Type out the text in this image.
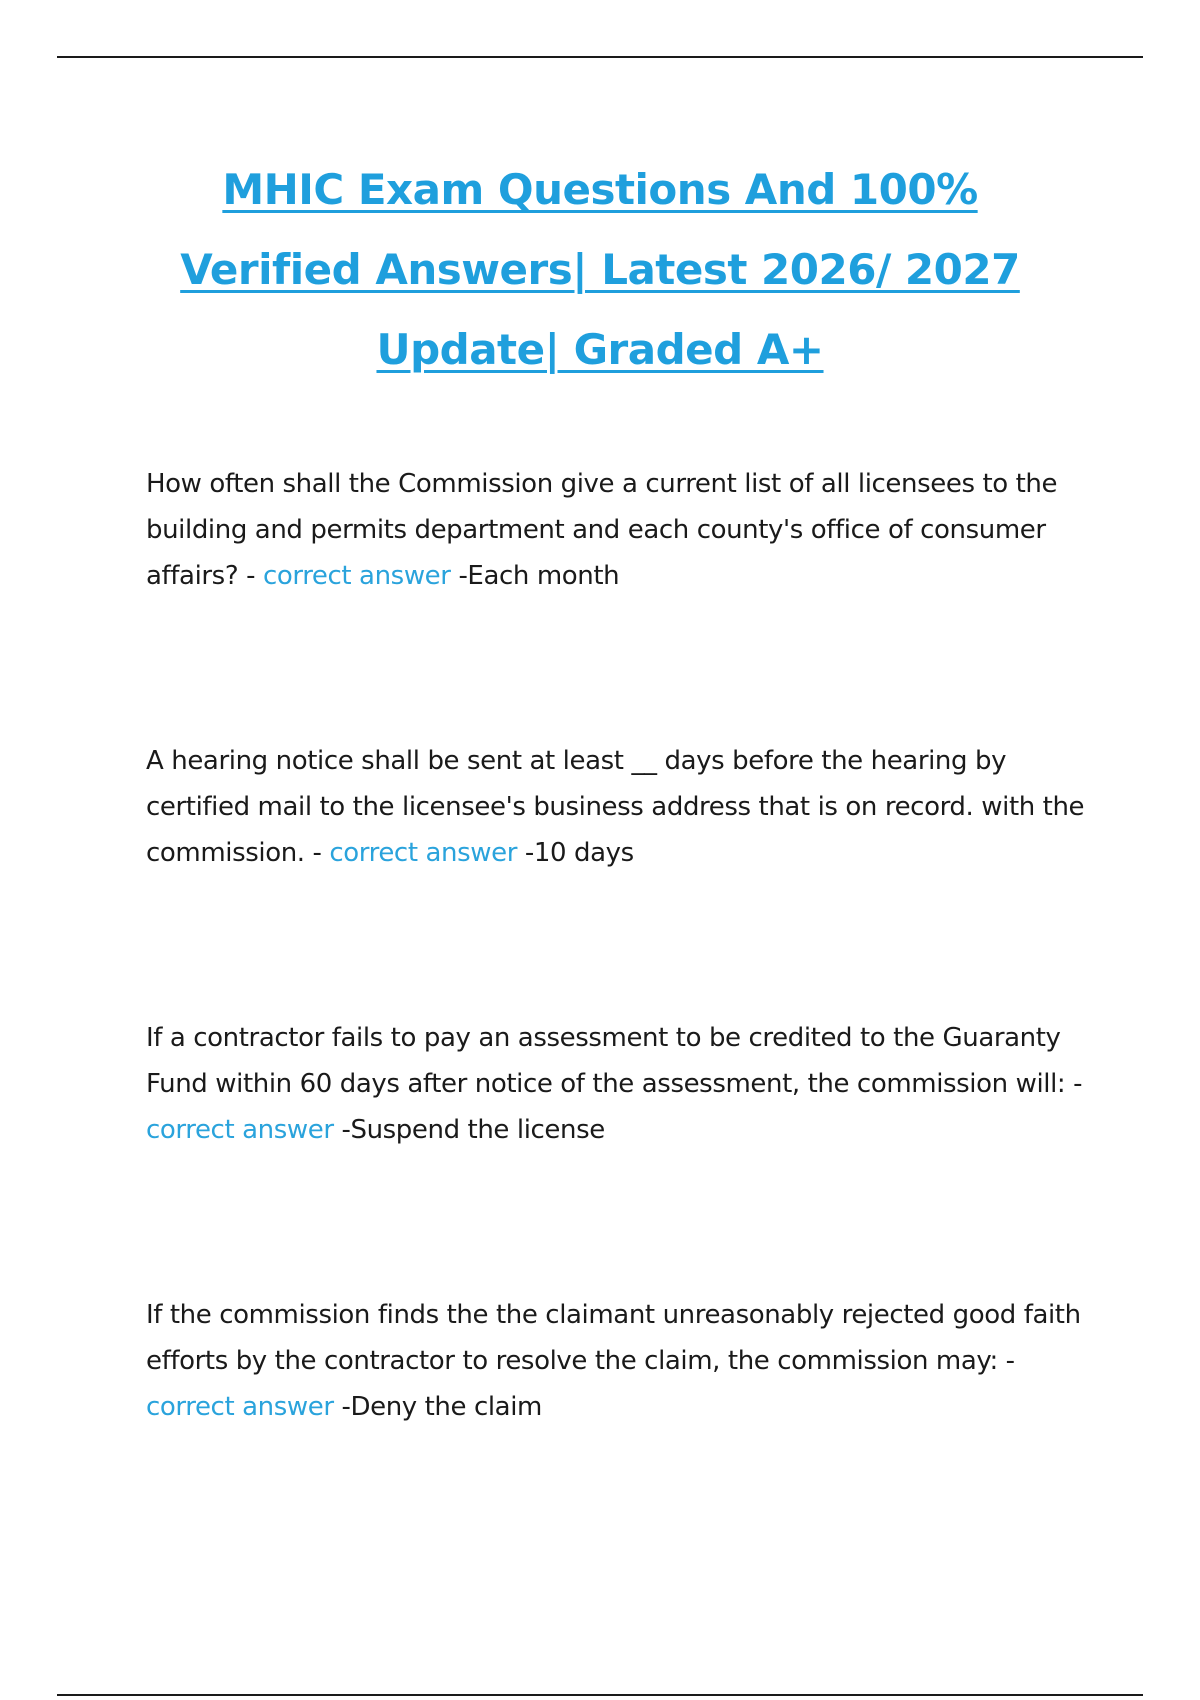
MHIC Exam Questions And 100%
Verified Answers| Latest 2026/ 2027
Update| Graded A+

How often shall the Commission give a current list of all licensees to the building and permits department and each county's office of consumer affairs? - correct answer -Each month

A hearing notice shall be sent at least __ days before the hearing by certified mail to the licensee's business address that is on record. with the commission. - correct answer -10 days

If a contractor fails to pay an assessment to be credited to the Guaranty Fund within 60 days after notice of the assessment, the commission will: - correct answer -Suspend the license

If the commission finds the the claimant unreasonably rejected good faith efforts by the contractor to resolve the claim, the commission may: - correct answer -Deny the claim
